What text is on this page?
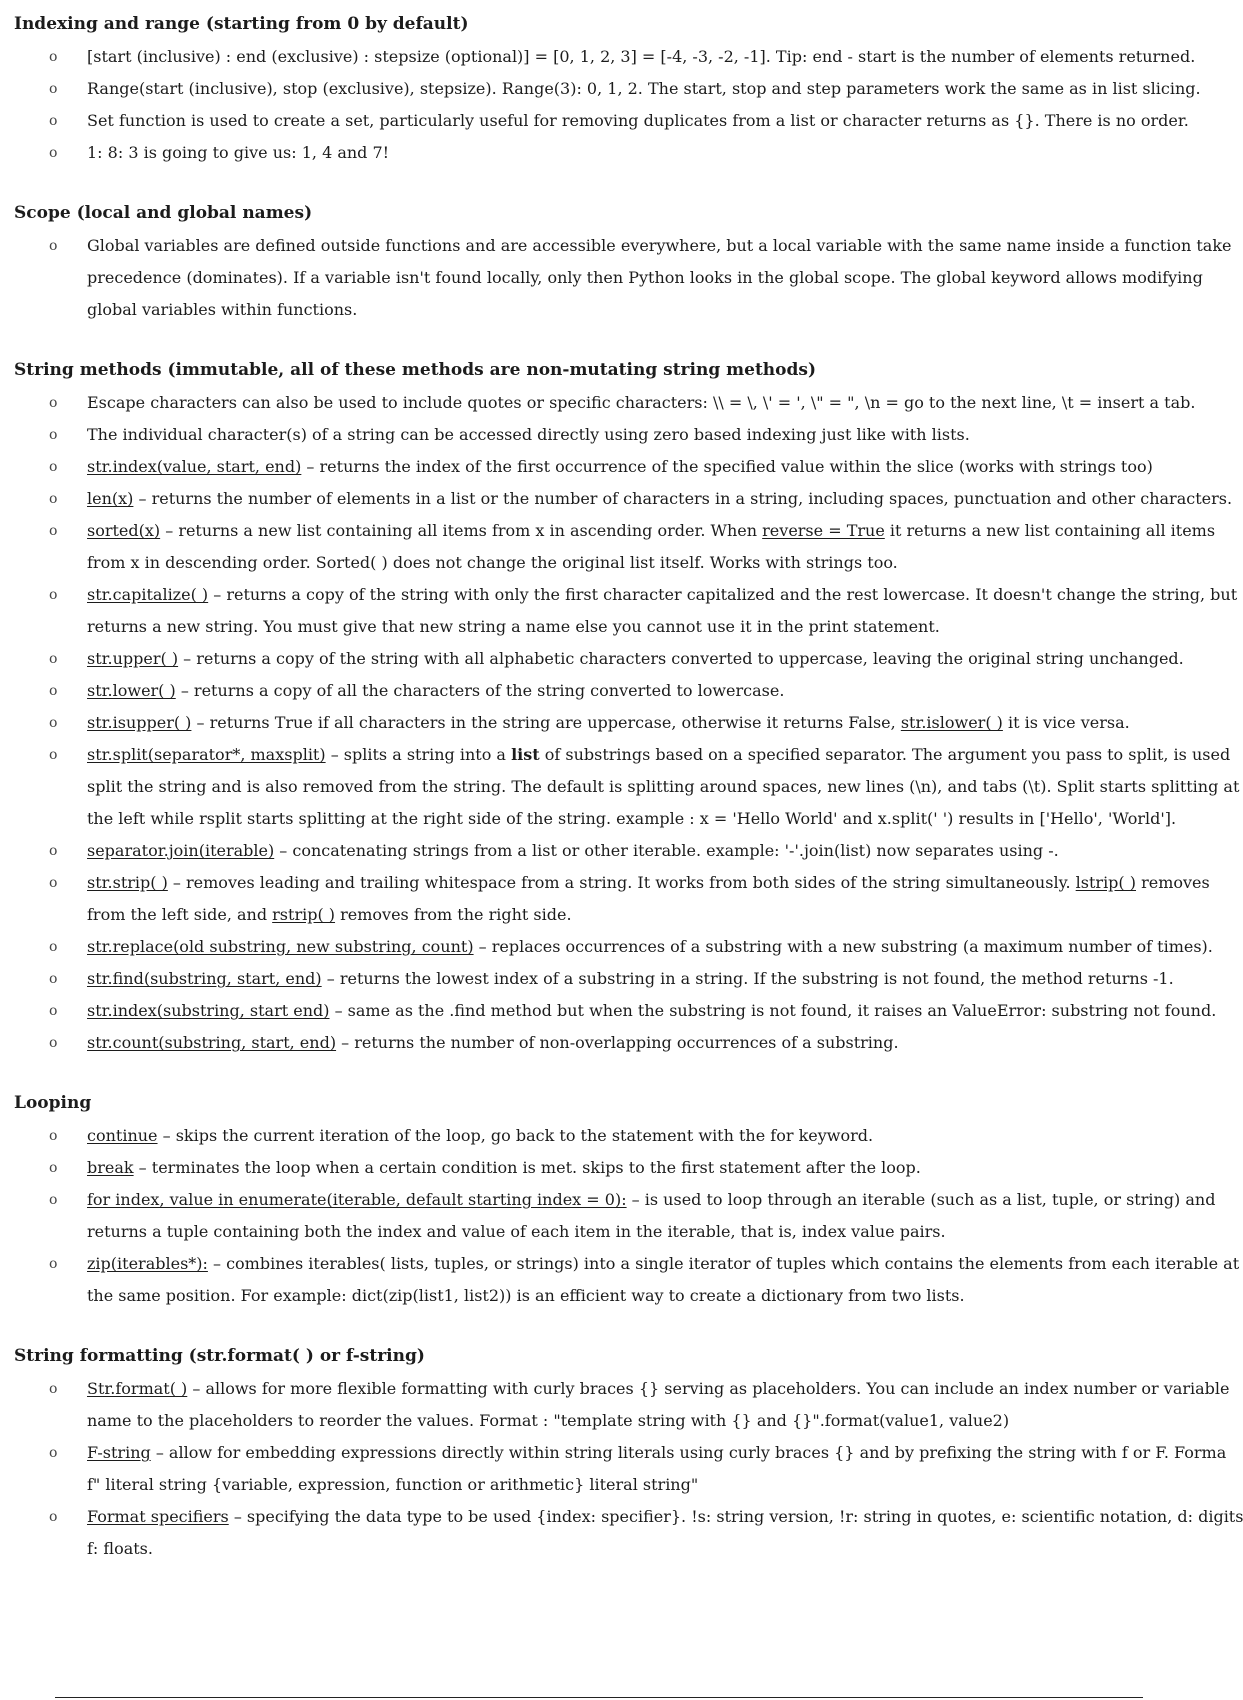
Indexing and range (starting from 0 by default)
o [start (inclusive) : end (exclusive) : stepsize (optional)] = [0, 1, 2, 3] = [-4, -3, -2, -1]. Tip: end - start is the number of elements returned.
o Range(start (inclusive), stop (exclusive), stepsize). Range(3): 0, 1, 2. The start, stop and step parameters work the same as in list slicing.
o Set function is used to create a set, particularly useful for removing duplicates from a list or character returns as {}. There is no order.
o 1: 8: 3 is going to give us: 1, 4 and 7!
Scope (local and global names)
o Global variables are defined outside functions and are accessible everywhere, but a local variable with the same name inside a function take
precedence (dominates). If a variable isn't found locally, only then Python looks in the global scope. The global keyword allows modifying
global variables within functions.
String methods (immutable, all of these methods are non-mutating string methods)
o Escape characters can also be used to include quotes or specific characters: \\ = \, \' = ', \" = ", \n = go to the next line, \t = insert a tab.
o The individual character(s) of a string can be accessed directly using zero based indexing just like with lists.
o str.index(value, start, end) – returns the index of the first occurrence of the specified value within the slice (works with strings too)
o len(x) – returns the number of elements in a list or the number of characters in a string, including spaces, punctuation and other characters.
o sorted(x) – returns a new list containing all items from x in ascending order. When reverse = True it returns a new list containing all items
from x in descending order. Sorted( ) does not change the original list itself. Works with strings too.
o str.capitalize( ) – returns a copy of the string with only the first character capitalized and the rest lowercase. It doesn't change the string, but
returns a new string. You must give that new string a name else you cannot use it in the print statement.
o str.upper( ) – returns a copy of the string with all alphabetic characters converted to uppercase, leaving the original string unchanged.
o str.lower( ) – returns a copy of all the characters of the string converted to lowercase.
o str.isupper( ) – returns True if all characters in the string are uppercase, otherwise it returns False, str.islower( ) it is vice versa.
o str.split(separator*, maxsplit) – splits a string into a list of substrings based on a specified separator. The argument you pass to split, is used
split the string and is also removed from the string. The default is splitting around spaces, new lines (\n), and tabs (\t). Split starts splitting at
the left while rsplit starts splitting at the right side of the string. example : x = 'Hello World' and x.split(' ') results in ['Hello', 'World'].
o separator.join(iterable) – concatenating strings from a list or other iterable. example: '-'.join(list) now separates using -.
o str.strip( ) – removes leading and trailing whitespace from a string. It works from both sides of the string simultaneously. lstrip( ) removes
from the left side, and rstrip( ) removes from the right side.
o str.replace(old substring, new substring, count) – replaces occurrences of a substring with a new substring (a maximum number of times).
o str.find(substring, start, end) – returns the lowest index of a substring in a string. If the substring is not found, the method returns -1.
o str.index(substring, start end) – same as the .find method but when the substring is not found, it raises an ValueError: substring not found.
o str.count(substring, start, end) – returns the number of non-overlapping occurrences of a substring.
Looping
o continue – skips the current iteration of the loop, go back to the statement with the for keyword.
o break – terminates the loop when a certain condition is met. skips to the first statement after the loop.
o for index, value in enumerate(iterable, default starting index = 0): – is used to loop through an iterable (such as a list, tuple, or string) and
returns a tuple containing both the index and value of each item in the iterable, that is, index value pairs.
o zip(iterables*): – combines iterables( lists, tuples, or strings) into a single iterator of tuples which contains the elements from each iterable at
the same position. For example: dict(zip(list1, list2)) is an efficient way to create a dictionary from two lists.
String formatting (str.format( ) or f-string)
o Str.format( ) – allows for more flexible formatting with curly braces {} serving as placeholders. You can include an index number or variable
name to the placeholders to reorder the values. Format : "template string with {} and {}".format(value1, value2)
o F-string – allow for embedding expressions directly within string literals using curly braces {} and by prefixing the string with f or F. Forma
f" literal string {variable, expression, function or arithmetic} literal string"
o Format specifiers – specifying the data type to be used {index: specifier}. !s: string version, !r: string in quotes, e: scientific notation, d: digits
f: floats.
